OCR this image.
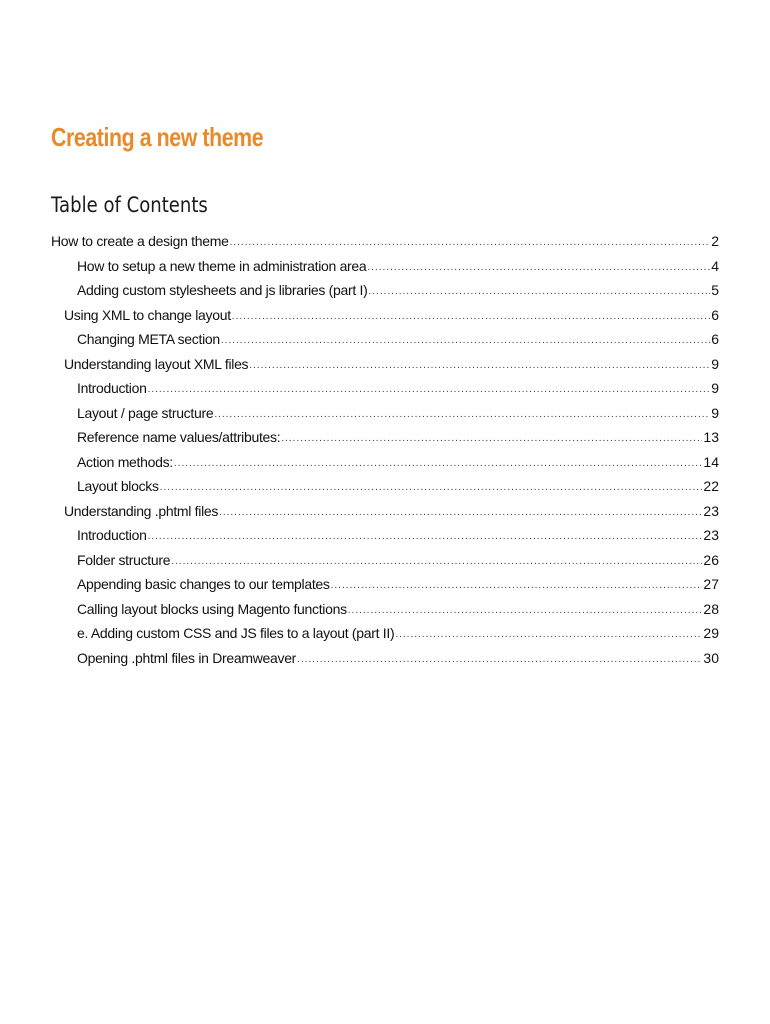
Creating a new theme
Table of Contents
How to create a design theme .....	2
How to setup a new theme in administration area .....	4
Adding custom stylesheets and js libraries (part I) .....	5
Using XML to change layout .....	6
Changing META section .....	6
Understanding layout XML files .....	9
Introduction .....	9
Layout / page structure .....	9
Reference name values/attributes: .....	13
Action methods: .....	14
Layout blocks .....	22
Understanding .phtml files .....	23
Introduction .....	23
Folder structure .....	26
Appending basic changes to our templates .....	27
Calling layout blocks using Magento functions .....	28
e. Adding custom CSS and JS files to a layout (part II) .....	29
Opening .phtml files in Dreamweaver .....	30
